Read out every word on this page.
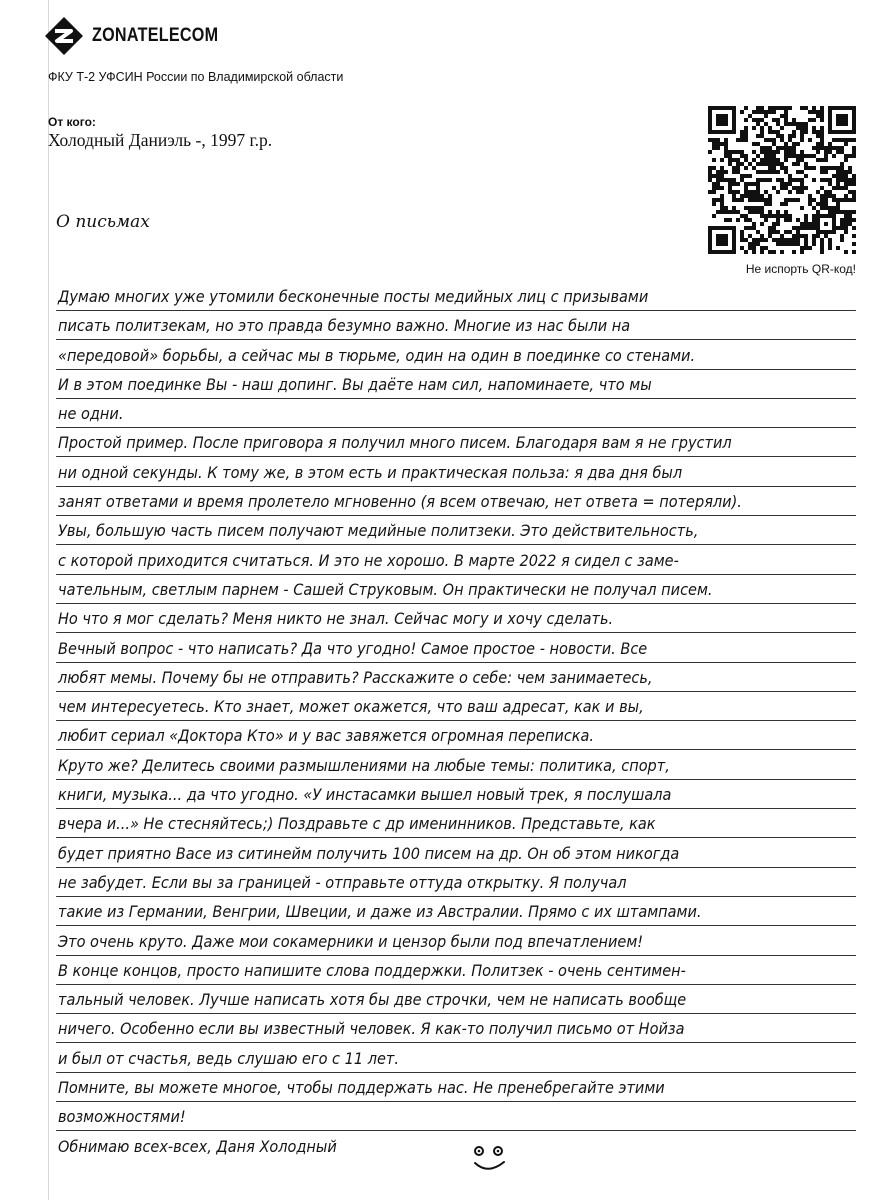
ZONATELECOM
ФКУ Т-2 УФСИН России по Владимирской области
От кого:
Холодный Даниэль -, 1997 г.р.
Не испорть QR-код!
О письмах
Думаю многих уже утомили бесконечные посты медийных лиц с призывами
писать политзекам, но это правда безумно важно. Многие из нас были на
«передовой» борьбы, а сейчас мы в тюрьме, один на один в поединке со стенами.
И в этом поединке Вы - наш допинг. Вы даёте нам сил, напоминаете, что мы
не одни.
Простой пример. После приговора я получил много писем. Благодаря вам я не грустил
ни одной секунды. К тому же, в этом есть и практическая польза: я два дня был
занят ответами и время пролетело мгновенно (я всем отвечаю, нет ответа = потеряли).
Увы, большую часть писем получают медийные политзеки. Это действительность,
с которой приходится считаться. И это не хорошо. В марте 2022 я сидел с заме-
чательным, светлым парнем - Сашей Струковым. Он практически не получал писем.
Но что я мог сделать? Меня никто не знал. Сейчас могу и хочу сделать.
Вечный вопрос - что написать? Да что угодно! Самое простое - новости. Все
любят мемы. Почему бы не отправить? Расскажите о себе: чем занимаетесь,
чем интересуетесь. Кто знает, может окажется, что ваш адресат, как и вы,
любит сериал «Доктора Кто» и у вас завяжется огромная переписка.
Круто же? Делитесь своими размышлениями на любые темы: политика, спорт,
книги, музыка... да что угодно. «У инстасамки вышел новый трек, я послушала
вчера и...» Не стесняйтесь;) Поздравьте с др именинников. Представьте, как
будет приятно Васе из ситинейм получить 100 писем на др. Он об этом никогда
не забудет. Если вы за границей - отправьте оттуда открытку. Я получал
такие из Германии, Венгрии, Швеции, и даже из Австралии. Прямо с их штампами.
Это очень круто. Даже мои сокамерники и цензор были под впечатлением!
В конце концов, просто напишите слова поддержки. Политзек - очень сентимен-
тальный человек. Лучше написать хотя бы две строчки, чем не написать вообще
ничего. Особенно если вы известный человек. Я как-то получил письмо от Нойза
и был от счастья, ведь слушаю его с 11 лет.
Помните, вы можете многое, чтобы поддержать нас. Не пренебрегайте этими
возможностями!
Обнимаю всех-всех, Даня Холодный
